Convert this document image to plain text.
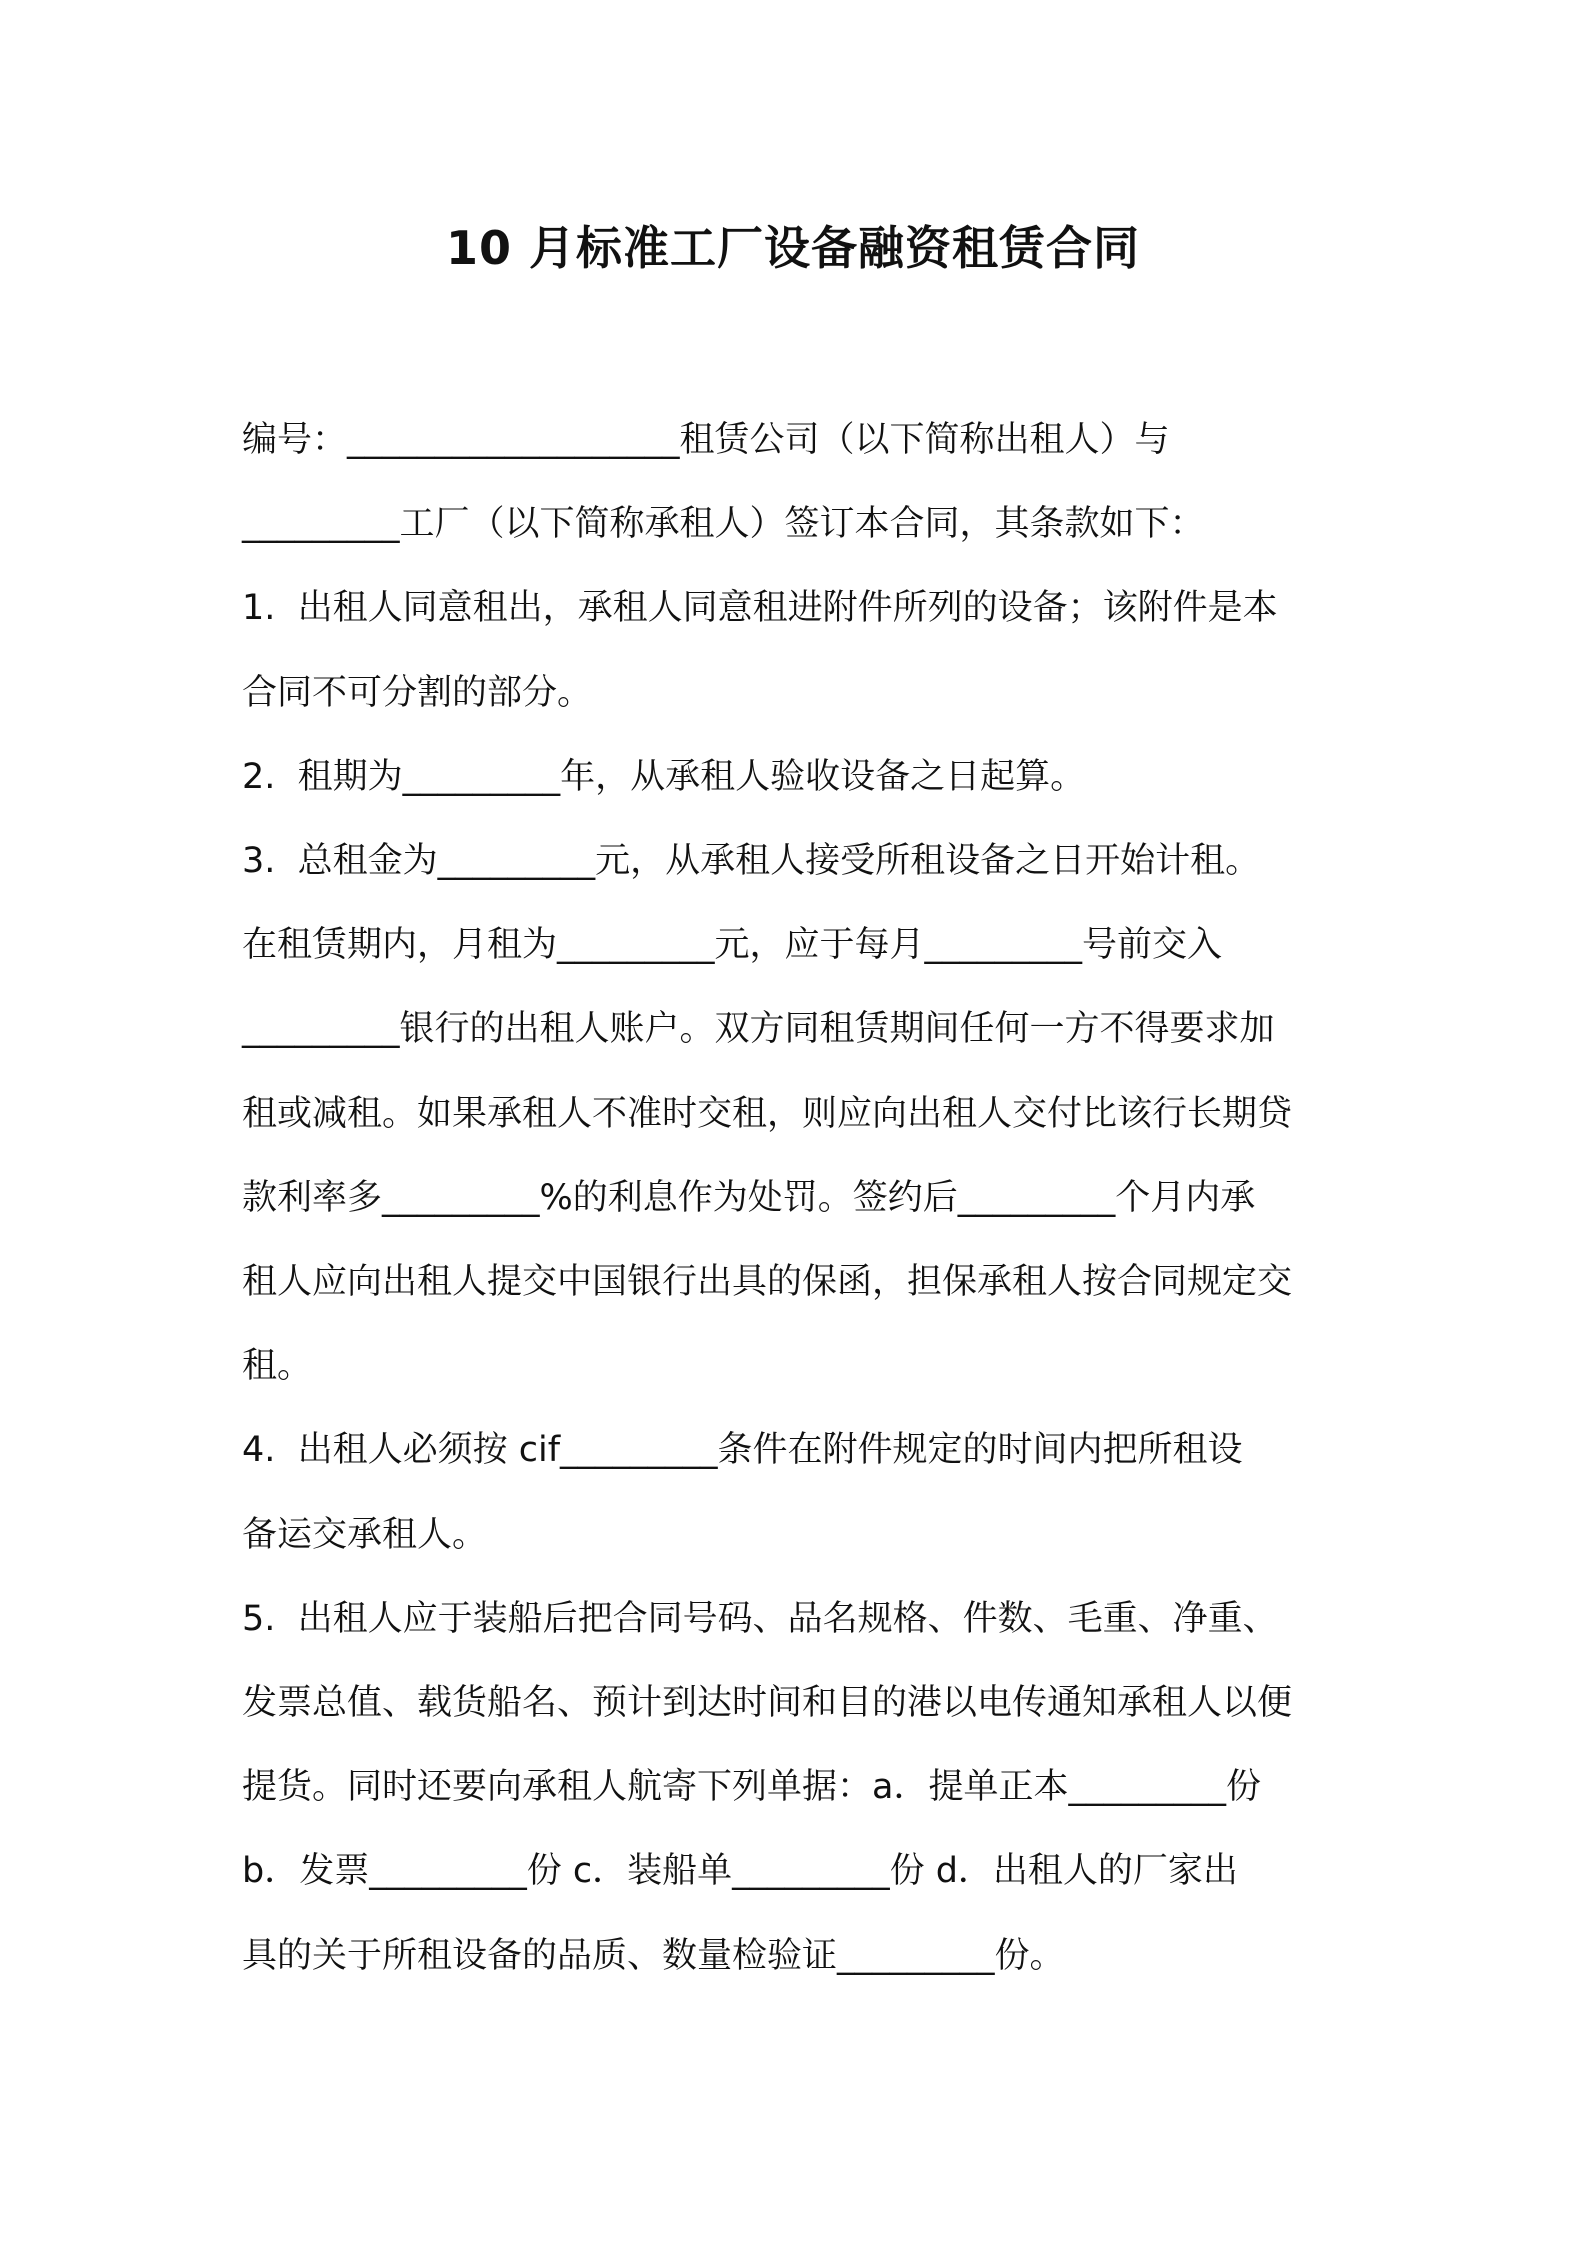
10 月标准工厂设备融资租赁合同

编号：___________________租赁公司（以下简称出租人）与

_________工厂（以下简称承租人）签订本合同，其条款如下：

1.  出租人同意租出，承租人同意租进附件所列的设备；该附件是本

合同不可分割的部分。

2.  租期为_________年，从承租人验收设备之日起算。

3.  总租金为_________元，从承租人接受所租设备之日开始计租。

在租赁期内，月租为_________元，应于每月_________号前交入

_________银行的出租人账户。双方同租赁期间任何一方不得要求加

租或减租。如果承租人不准时交租，则应向出租人交付比该行长期贷

款利率多_________%的利息作为处罚。签约后_________个月内承

租人应向出租人提交中国银行出具的保函，担保承租人按合同规定交

租。

4.  出租人必须按 cif_________条件在附件规定的时间内把所租设

备运交承租人。

5.  出租人应于装船后把合同号码、品名规格、件数、毛重、净重、

发票总值、载货船名、预计到达时间和目的港以电传通知承租人以便

提货。同时还要向承租人航寄下列单据：a．提单正本_________份

b．发票_________份 c．装船单_________份 d．出租人的厂家出

具的关于所租设备的品质、数量检验证_________份。
